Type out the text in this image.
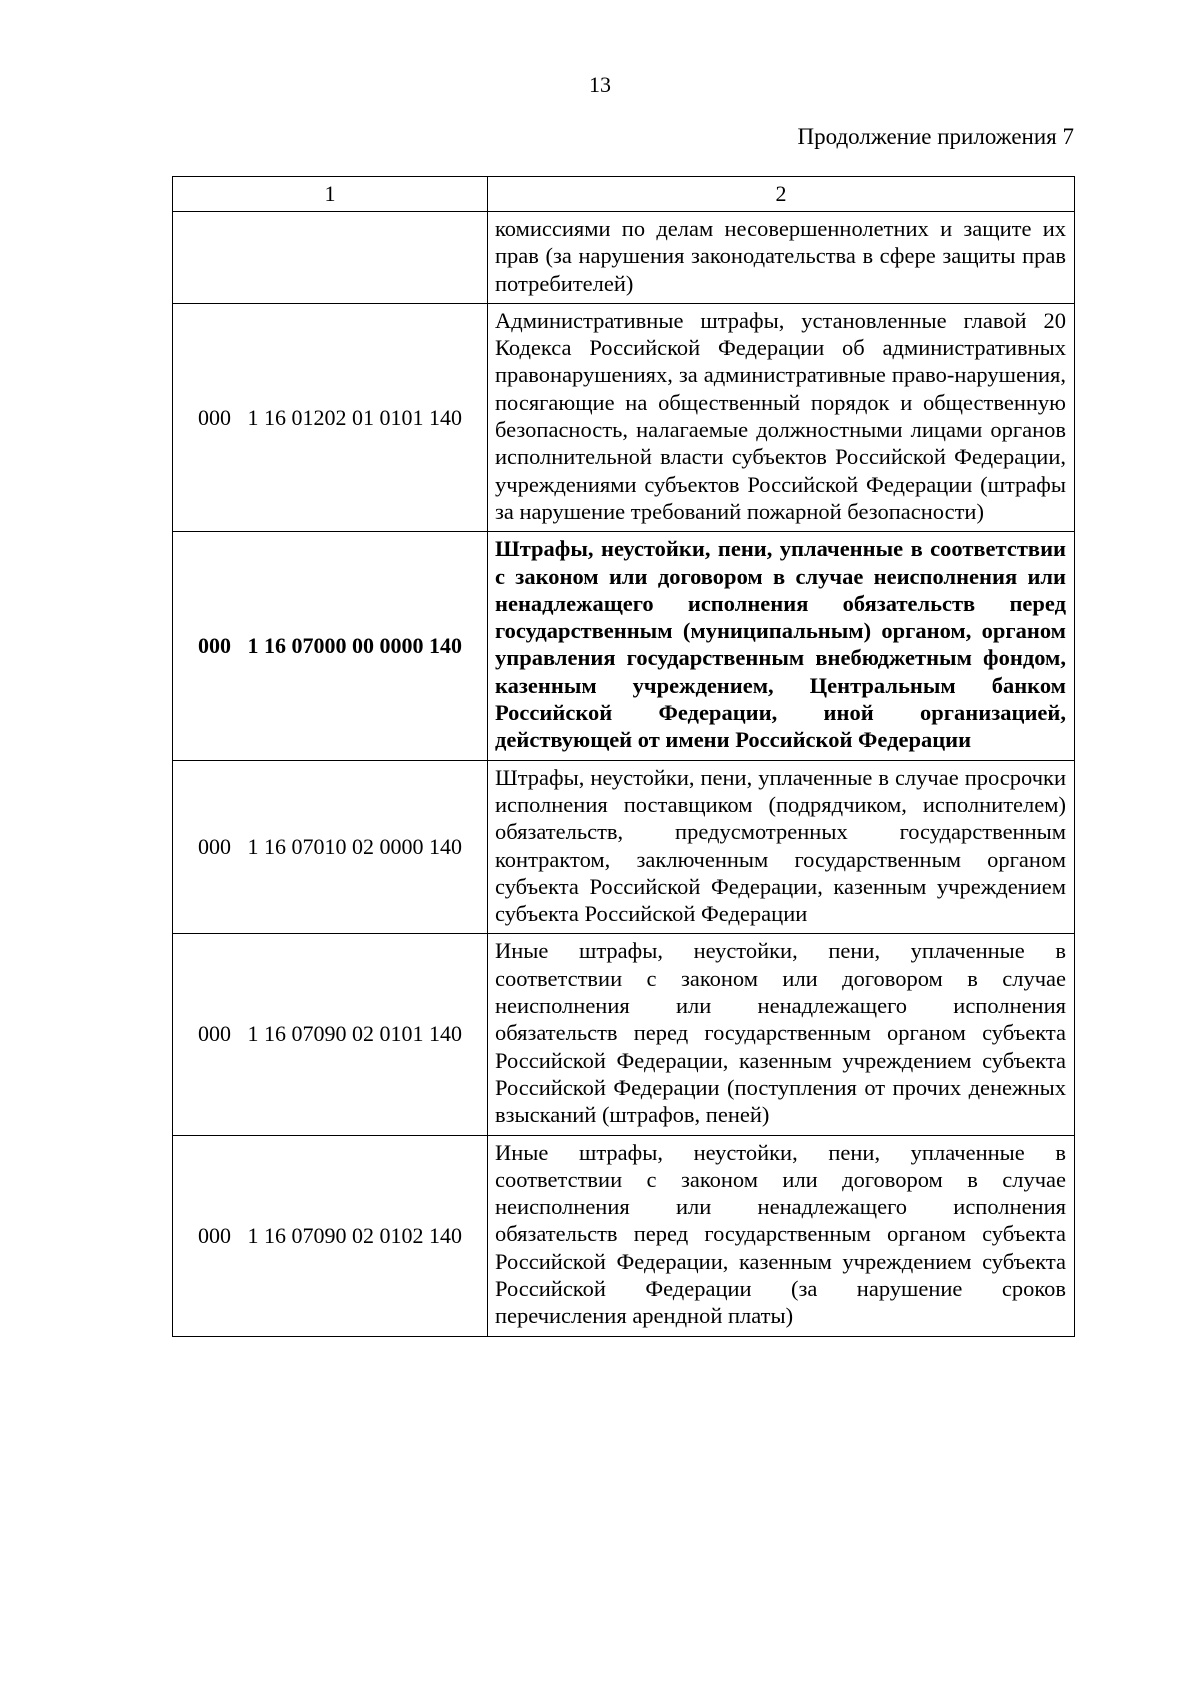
13
Продолжение приложения 7
1	2
	комиссиями по делам несовершеннолетних и защите их прав (за нарушения законодательства в сфере защиты прав потребителей)
000   1 16 01202 01 0101 140	Административные штрафы, установленные главой 20 Кодекса Российской Федерации об административных правонарушениях, за административные право-нарушения, посягающие на общественный порядок и общественную безопасность, налагаемые должностными лицами органов исполнительной власти субъектов Российской Федерации, учреждениями субъектов Российской Федерации (штрафы за нарушение требований пожарной безопасности)
000   1 16 07000 00 0000 140	Штрафы, неустойки, пени, уплаченные в соответствии с законом или договором в случае неисполнения или ненадлежащего исполнения обязательств перед государственным (муниципальным) органом, органом управления государственным внебюджетным фондом, казенным учреждением, Центральным банком Российской Федерации, иной организацией, действующей от имени Российской Федерации
000   1 16 07010 02 0000 140	Штрафы, неустойки, пени, уплаченные в случае просрочки исполнения поставщиком (подрядчиком, исполнителем) обязательств, предусмотренных государственным контрактом, заключенным государственным органом субъекта Российской Федерации, казенным учреждением субъекта Российской Федерации
000   1 16 07090 02 0101 140	Иные штрафы, неустойки, пени, уплаченные в соответствии с законом или договором в случае неисполнения или ненадлежащего исполнения обязательств перед государственным органом субъекта Российской Федерации, казенным учреждением субъекта Российской Федерации (поступления от прочих денежных взысканий (штрафов, пеней)
000   1 16 07090 02 0102 140	Иные штрафы, неустойки, пени, уплаченные в соответствии с законом или договором в случае неисполнения или ненадлежащего исполнения обязательств перед государственным органом субъекта Российской Федерации, казенным учреждением субъекта Российской Федерации (за нарушение сроков перечисления арендной платы)
